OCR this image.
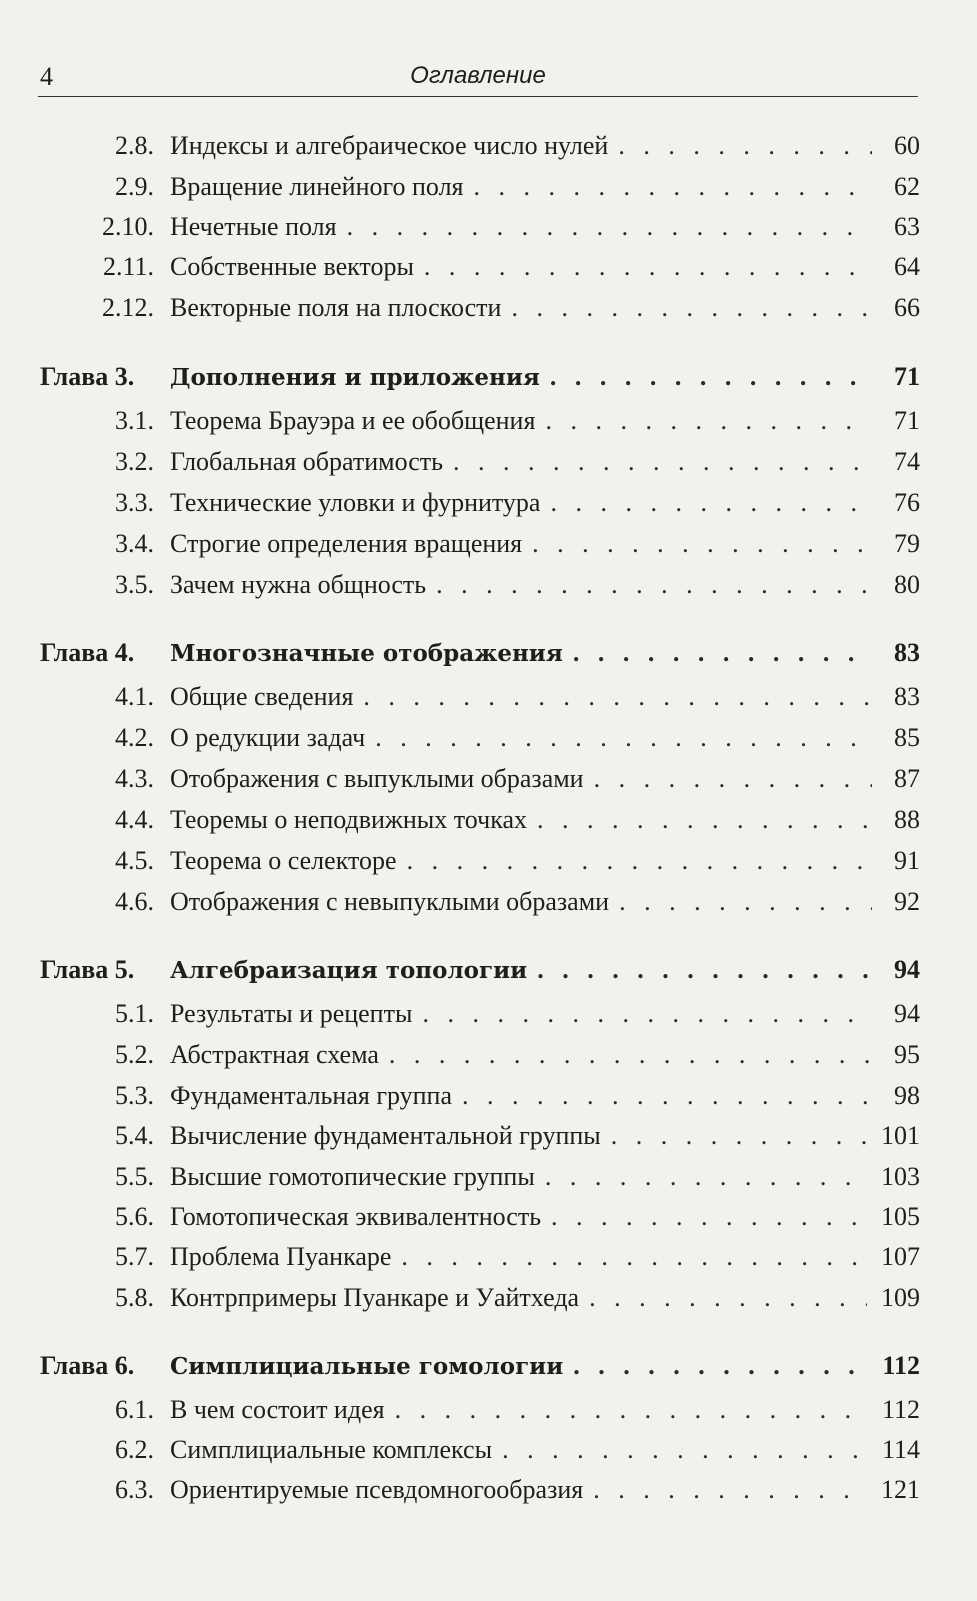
4	Оглавление
2.8. Индексы и алгебраическое число нулей . . .	60
2.9. Вращение линейного поля . . .	62
2.10. Нечетные поля . . .	63
2.11. Собственные векторы . . .	64
2.12. Векторные поля на плоскости . . .	66
Глава 3.	Дополнения и приложения . . .	71
3.1. Теорема Брауэра и ее обобщения . . .	71
3.2. Глобальная обратимость . . .	74
3.3. Технические уловки и фурнитура . . .	76
3.4. Строгие определения вращения . . .	79
3.5. Зачем нужна общность . . .	80
Глава 4.	Многозначные отображения . . .	83
4.1. Общие сведения . . .	83
4.2. О редукции задач . . .	85
4.3. Отображения с выпуклыми образами . . .	87
4.4. Теоремы о неподвижных точках . . .	88
4.5. Теорема о селекторе . . .	91
4.6. Отображения с невыпуклыми образами . . .	92
Глава 5.	Алгебраизация топологии . . .	94
5.1. Результаты и рецепты . . .	94
5.2. Абстрактная схема . . .	95
5.3. Фундаментальная группа . . .	98
5.4. Вычисление фундаментальной группы . . .	101
5.5. Высшие гомотопические группы . . .	103
5.6. Гомотопическая эквивалентность . . .	105
5.7. Проблема Пуанкаре . . .	107
5.8. Контрпримеры Пуанкаре и Уайтхеда . . .	109
Глава 6.	Симплициальные гомологии . . .	112
6.1. В чем состоит идея . . .	112
6.2. Симплициальные комплексы . . .	114
6.3. Ориентируемые псевдомногообразия . . .	121
